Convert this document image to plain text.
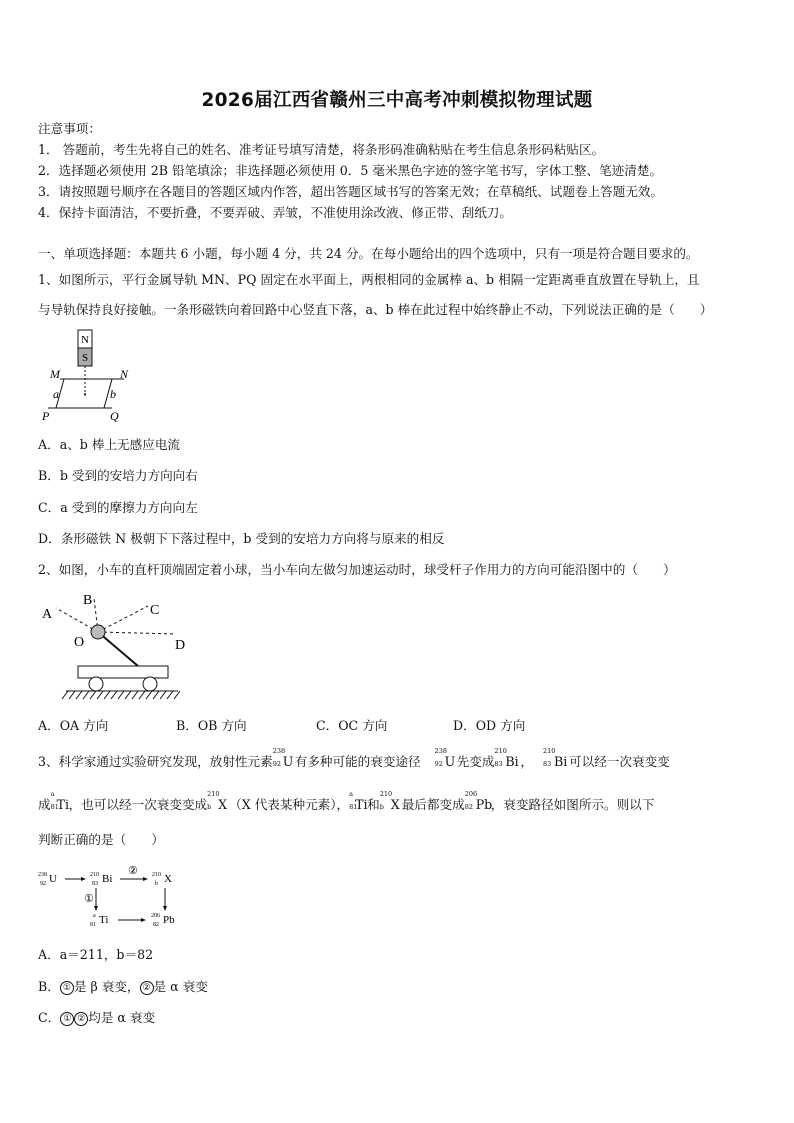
2026届江西省赣州三中高考冲刺模拟物理试题
注意事项：
1． 答题前，考生先将自己的姓名、准考证号填写清楚，将条形码准确粘贴在考生信息条形码粘贴区。
2．选择题必须使用 2B 铅笔填涂；非选择题必须使用 0．5 毫米黑色字迹的签字笔书写，字体工整、笔迹清楚。
3．请按照题号顺序在各题目的答题区域内作答，超出答题区域书写的答案无效；在草稿纸、试题卷上答题无效。
4．保持卡面清洁，不要折叠，不要弄破、弄皱，不准使用涂改液、修正带、刮纸刀。
一、单项选择题：本题共 6 小题，每小题 4 分，共 24 分。在每小题给出的四个选项中，只有一项是符合题目要求的。
1、如图所示，平行金属导轨 MN、PQ 固定在水平面上，两根相同的金属棒 a、b 相隔一定距离垂直放置在导轨上，且
与导轨保持良好接触。一条形磁铁向着回路中心竖直下落，a、b 棒在此过程中始终静止不动，下列说法正确的是（　　）
N
S
M	N
a	b
P	Q
A．a、b 棒上无感应电流
B．b 受到的安培力方向向右
C．a 受到的摩擦力方向向左
D．条形磁铁 N 极朝下下落过程中，b 受到的安培力方向将与原来的相反
2、如图，小车的直杆顶端固定着小球，当小车向左做匀加速运动时，球受杆子作用力的方向可能沿图中的（　　）
A
B
C
D
O
A．OA 方向	B．OB 方向	C．OC 方向	D．OD 方向
3、科学家通过实验研究发现，放射性元素
238
92 U有多种可能的衰变途径
238
92 U先变成
210
83 Bi ，
210
83 Bi 可以经一次衰变变
成
a
81
Ti，也可以经一次衰变变成
210
b X （X 代表某种元素），
a
81
Ti和
210
b X 最后都变成
206
82 Pb，衰变路径如图所示。则以下
判断正确的是（　　）
238
92 U	210
83 Bi
② 210
b X
①
a
81 Ti	206
82 Pb
A．a＝211，b＝82
B． ① 是 β 衰变， ② 是 α 衰变
C． ① ② 均是 α 衰变
